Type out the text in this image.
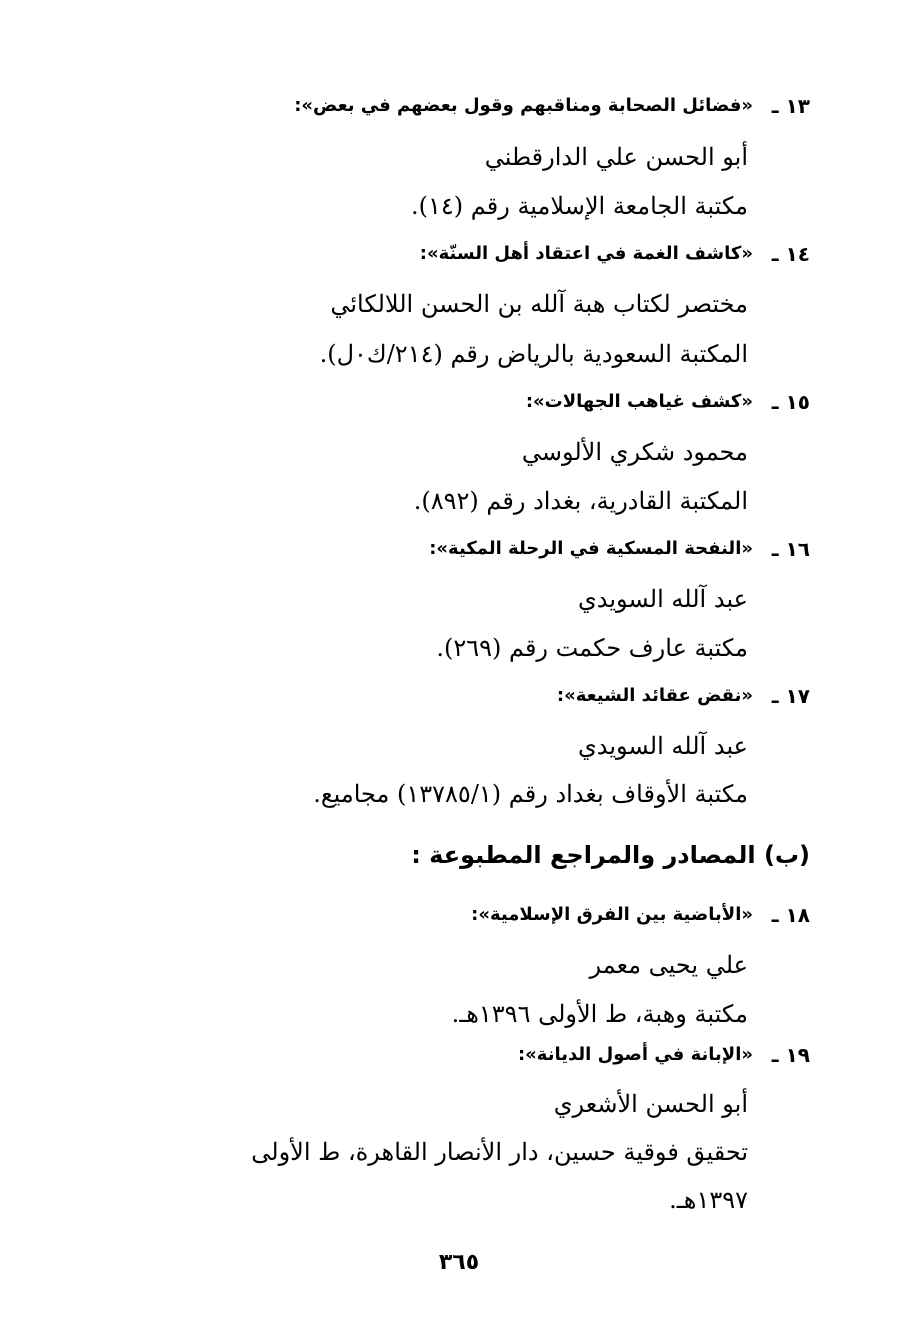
١٣ ـ
«فضائل الصحابة ومناقبهم وقول بعضهم في بعض»:
أبو الحسن علي الدارقطني
مكتبة الجامعة الإسلامية رقم (١٤).
١٤ ـ
«كاشف الغمة في اعتقاد أهل السنّة»:
مختصر لكتاب هبة آلله بن الحسن اللالكائي
المكتبة السعودية بالرياض رقم (٢١٤/ك٠ل).
١٥ ـ
«كشف غياهب الجهالات»:
محمود شكري الألوسي
المكتبة القادرية، بغداد رقم (٨٩٢).
١٦ ـ
«النفحة المسكية في الرحلة المكية»:
عبد آلله السويدي
مكتبة عارف حكمت رقم (٢٦٩).
١٧ ـ
«نقض عقائد الشيعة»:
عبد آلله السويدي
مكتبة الأوقاف بغداد رقم (١٣٧٨٥/١) مجاميع.
(ب) المصادر والمراجع المطبوعة :
١٨ ـ
«الأباضية بين الفرق الإسلامية»:
علي يحيى معمر
مكتبة وهبة، ط الأولى ١٣٩٦هـ.
١٩ ـ
«الإبانة في أصول الديانة»:
أبو الحسن الأشعري
تحقيق فوقية حسين، دار الأنصار القاهرة، ط الأولى
١٣٩٧هـ.
٣٦٥
